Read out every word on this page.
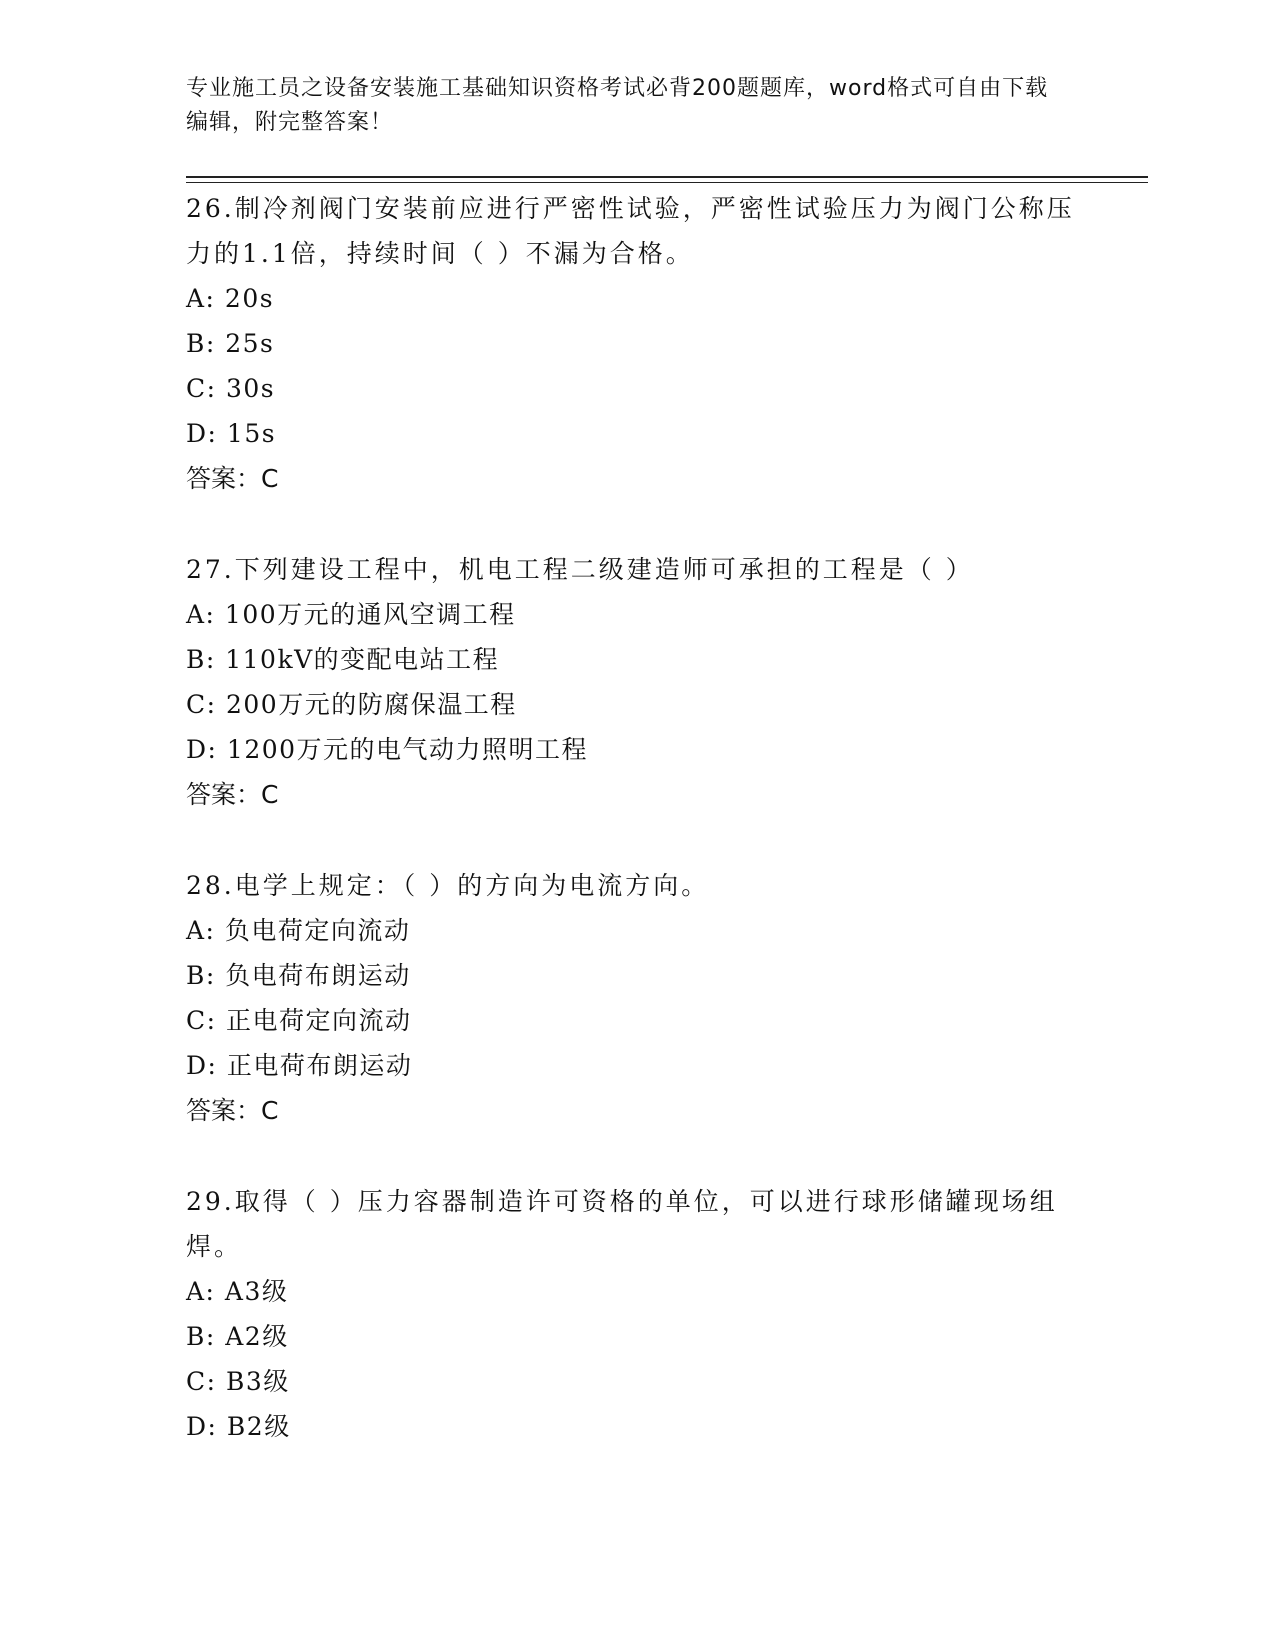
专业施工员之设备安装施工基础知识资格考试必背200题题库，word格式可自由下载编辑，附完整答案！

26.制冷剂阀门安装前应进行严密性试验，严密性试验压力为阀门公称压力的1.1倍，持续时间（ ）不漏为合格。

A: 20s
B: 25s
C: 30s
D: 15s

答案：C

27.下列建设工程中，机电工程二级建造师可承担的工程是（ ）

A: 100万元的通风空调工程
B: 110kV的变配电站工程
C: 200万元的防腐保温工程
D: 1200万元的电气动力照明工程

答案：C

28.电学上规定：（ ）的方向为电流方向。

A: 负电荷定向流动
B: 负电荷布朗运动
C: 正电荷定向流动
D: 正电荷布朗运动

答案：C

29.取得（ ）压力容器制造许可资格的单位，可以进行球形储罐现场组焊。

A: A3级
B: A2级
C: B3级
D: B2级
